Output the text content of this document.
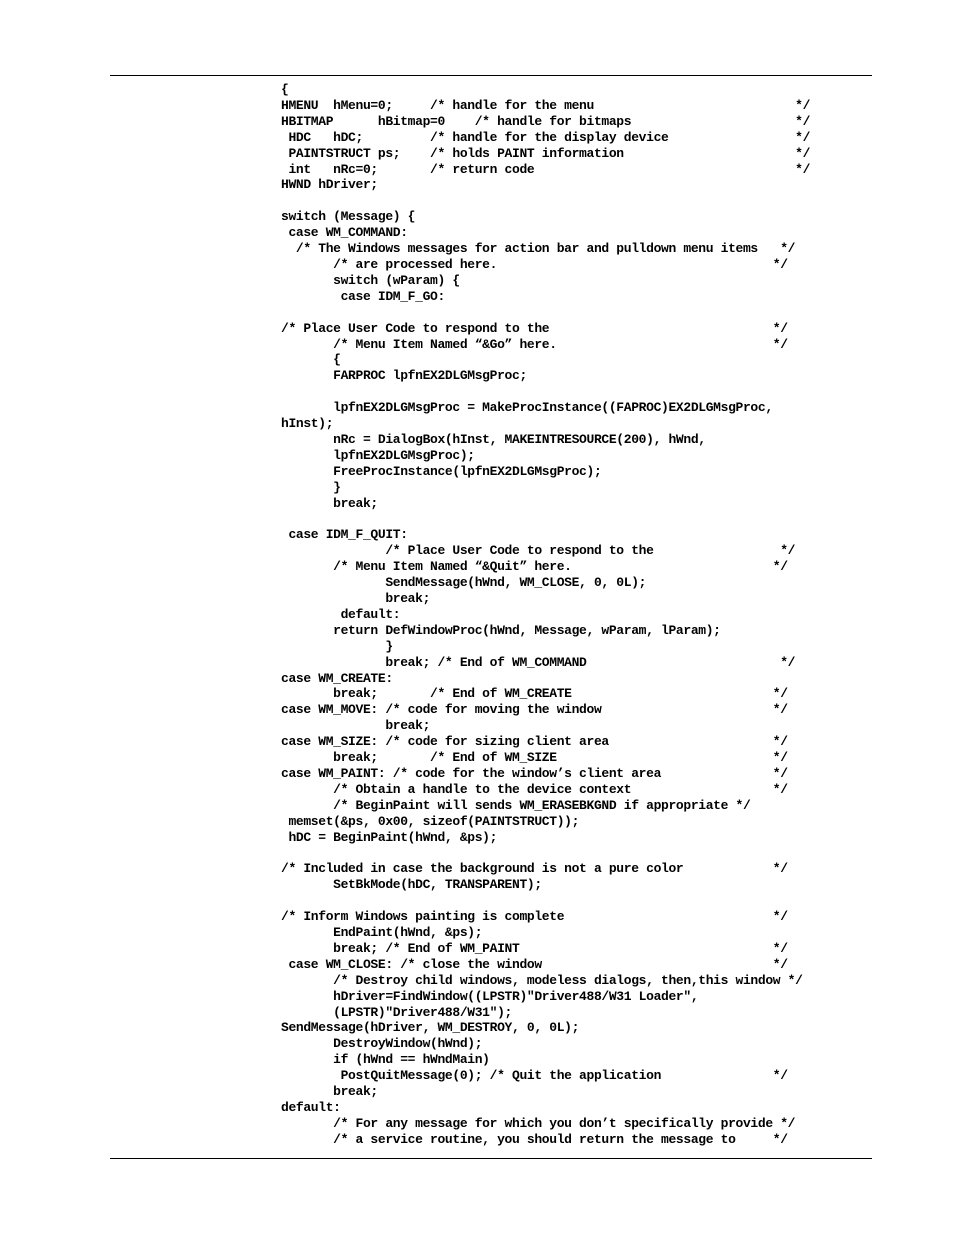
{
HMENU  hMenu=0;     /* handle for the menu                           */
HBITMAP      hBitmap=0    /* handle for bitmaps                      */
HDC   hDC;         /* handle for the display device                 */
PAINTSTRUCT ps;    /* holds PAINT information                       */
int   nRc=0;       /* return code                                   */
HWND hDriver;
switch (Message) {
case WM_COMMAND:
/* The Windows messages for action bar and pulldown menu items   */
/* are processed here.                                     */
switch (wParam) {
case IDM_F_GO:
/* Place User Code to respond to the                              */
/* Menu Item Named “&Go” here.                             */
{
FARPROC lpfnEX2DLGMsgProc;
lpfnEX2DLGMsgProc = MakeProcInstance((FAPROC)EX2DLGMsgProc,
hInst);
nRc = DialogBox(hInst, MAKEINTRESOURCE(200), hWnd,
lpfnEX2DLGMsgProc);
FreeProcInstance(lpfnEX2DLGMsgProc);
}
break;
case IDM_F_QUIT:
/* Place User Code to respond to the                 */
/* Menu Item Named “&Quit” here.                           */
SendMessage(hWnd, WM_CLOSE, 0, 0L);
break;
default:
return DefWindowProc(hWnd, Message, wParam, lParam);
}
break; /* End of WM_COMMAND                          */
case WM_CREATE:
break;       /* End of WM_CREATE                           */
case WM_MOVE: /* code for moving the window                       */
break;
case WM_SIZE: /* code for sizing client area                      */
break;       /* End of WM_SIZE                             */
case WM_PAINT: /* code for the window’s client area               */
/* Obtain a handle to the device context                   */
/* BeginPaint will sends WM_ERASEBKGND if appropriate */
memset(&ps, 0x00, sizeof(PAINTSTRUCT));
hDC = BeginPaint(hWnd, &ps);
/* Included in case the background is not a pure color            */
SetBkMode(hDC, TRANSPARENT);
/* Inform Windows painting is complete                            */
EndPaint(hWnd, &ps);
break; /* End of WM_PAINT                                  */
case WM_CLOSE: /* close the window                               */
/* Destroy child windows, modeless dialogs, then,this window */
hDriver=FindWindow((LPSTR)"Driver488/W31 Loader",
(LPSTR)"Driver488/W31");
SendMessage(hDriver, WM_DESTROY, 0, 0L);
DestroyWindow(hWnd);
if (hWnd == hWndMain)
PostQuitMessage(0); /* Quit the application               */
break;
default:
/* For any message for which you don’t specifically provide */
/* a service routine, you should return the message to     */
